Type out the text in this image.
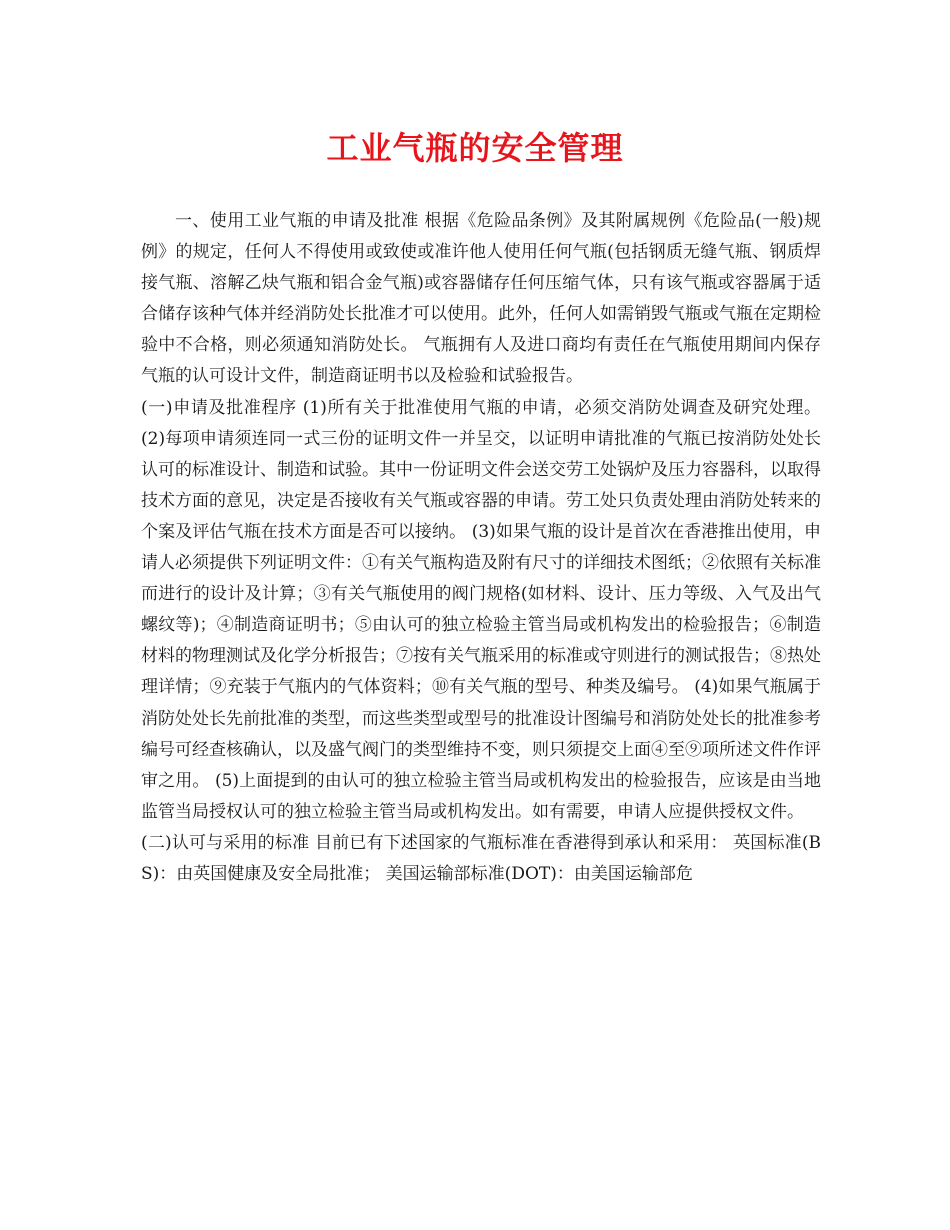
工业气瓶的安全管理

一、使用工业气瓶的申请及批准 根据《危险品条例》及其附属规例《危险品(一般)规例》的规定，任何人不得使用或致使或准许他人使用任何气瓶(包括钢质无缝气瓶、钢质焊接气瓶、溶解乙炔气瓶和铝合金气瓶)或容器储存任何压缩气体，只有该气瓶或容器属于适合储存该种气体并经消防处长批准才可以使用。此外，任何人如需销毁气瓶或气瓶在定期检验中不合格，则必须通知消防处长。 气瓶拥有人及进口商均有责任在气瓶使用期间内保存气瓶的认可设计文件，制造商证明书以及检验和试验报告。

(一)申请及批准程序 (1)所有关于批准使用气瓶的申请，必须交消防处调查及研究处理。 (2)每项申请须连同一式三份的证明文件一并呈交，以证明申请批准的气瓶已按消防处处长认可的标准设计、制造和试验。其中一份证明文件会送交劳工处锅炉及压力容器科，以取得技术方面的意见，决定是否接收有关气瓶或容器的申请。劳工处只负责处理由消防处转来的个案及评估气瓶在技术方面是否可以接纳。 (3)如果气瓶的设计是首次在香港推出使用，申请人必须提供下列证明文件：①有关气瓶构造及附有尺寸的详细技术图纸；②依照有关标准而进行的设计及计算；③有关气瓶使用的阀门规格(如材料、设计、压力等级、入气及出气螺纹等)；④制造商证明书；⑤由认可的独立检验主管当局或机构发出的检验报告；⑥制造材料的物理测试及化学分析报告；⑦按有关气瓶采用的标准或守则进行的测试报告；⑧热处理详情；⑨充装于气瓶内的气体资料；⑩有关气瓶的型号、种类及编号。 (4)如果气瓶属于消防处处长先前批准的类型，而这些类型或型号的批准设计图编号和消防处处长的批准参考编号可经查核确认，以及盛气阀门的类型维持不变，则只须提交上面④至⑨项所述文件作评审之用。 (5)上面提到的由认可的独立检验主管当局或机构发出的检验报告，应该是由当地监管当局授权认可的独立检验主管当局或机构发出。如有需要，申请人应提供授权文件。

(二)认可与采用的标准 目前已有下述国家的气瓶标准在香港得到承认和采用： 英国标准(BS)：由英国健康及安全局批准； 美国运输部标准(DOT)：由美国运输部危
